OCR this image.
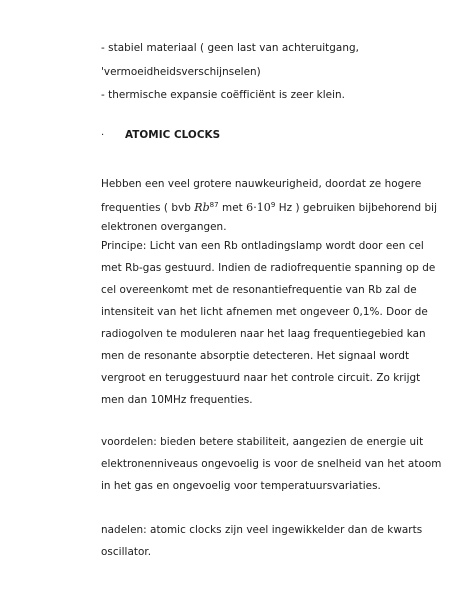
- stabiel materiaal ( geen last van achteruitgang,
'vermoeidheidsverschijnselen)
- thermische expansie coëfficiënt is zeer klein.
· ATOMIC CLOCKS
Hebben een veel grotere nauwkeurigheid, doordat ze hogere
frequenties ( bvb Rb$^{87}$ met $6\cdot 10^9$ Hz ) gebruiken bijbehorend bij
elektronen overgangen.
Principe: Licht van een Rb ontladingslamp wordt door een cel
met Rb-gas gestuurd. Indien de radiofrequentie spanning op de
cel overeenkomt met de resonantiefrequentie van Rb zal de
intensiteit van het licht afnemen met ongeveer 0,1%. Door de
radiogolven te moduleren naar het laag frequentiegebied kan
men de resonante absorptie detecteren. Het signaal wordt
vergroot en teruggestuurd naar het controle circuit. Zo krijgt
men dan 10MHz frequenties.
voordelen: bieden betere stabiliteit, aangezien de energie uit
elektronenniveaus ongevoelig is voor de snelheid van het atoom
in het gas en ongevoelig voor temperatuursvariaties.
nadelen: atomic clocks zijn veel ingewikkelder dan de kwarts
oscillator.
